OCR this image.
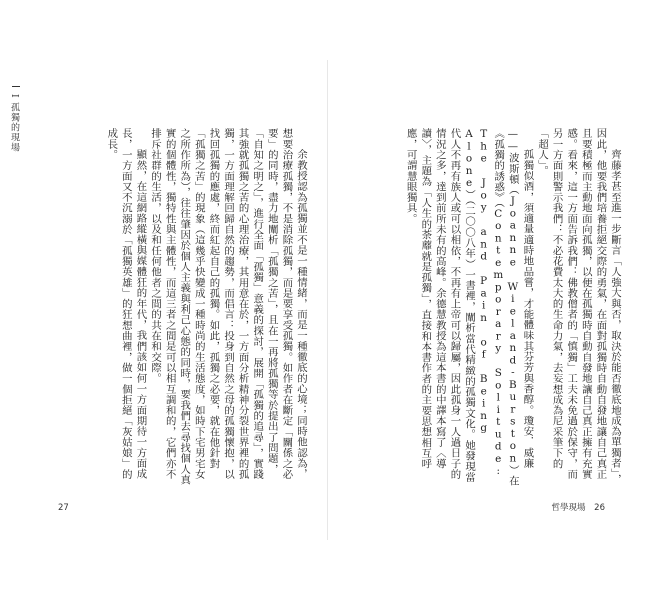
I 孤獨的現場

齊藤孝甚至進一步斷言「人強大與否，取決於能否徹底地成為單獨者」，因此，他要我們培養拒絕交際的勇氣，在面對孤獨時自動自發地讓自己真正且要積極而主動地面向孤獨，以便在孤獨時自動自發地讓自己真正擁有充實感。看來，這一方面告訴我們：佛教僧者的「慎獨」工夫未免過於保守，而另一方面則警示我們：不必花費太大的生命力氣，去妄想成為尼采筆下的「超人」。

孤獨似酒，須適量適時地品嘗，才能體味其芬芳與香醇。瓊安．威廉——波斯頓（Joanne Wieland-Burston）在《孤獨的誘惑》（Contemporary Solitude: The Joy and Pain of Being Alone）（二〇〇八年）一書裡，闡析當代精緻的孤獨文化。她發現當代人不再有族人或可以相依，不再有上帝可以歸屬，因此孤身一人過日子的情況之多，達到前所未有的高峰。余德慧教授為這本書的中譯本寫了〈導讀〉，主題為「人生的荼蘼就是孤獨」，直接和本書作者的主要思想相互呼應，可謂慧眼獨具。

余教授認為孤獨並不是一種情緒，而是一種徹底的心境；同時他認為，想要治療孤獨，不是消除孤獨，而是要享受孤獨。如作者在斷定「關係之必要」的同時，盡力地闡析「孤獨之苦」，且在一再將孤獨等於提出了問題，「自知之明之」，進行全面「孤獨」意義的探討，展開「孤獨的追尋」，實踐其強就孤獨之苦的心理治療，其用意在於，一方面分析精神分裂世界裡的孤獨，一方面理解回歸自然的趨勢，而倡言：投身到自然之母的孤獨懷抱，以找回孤獨的應處，終而紅起自己的孤獨。如此，孤獨之必要，就在他針對「孤獨之苦」的現象（這幾乎快變成一種時尚的生活態度，如時下宅男宅女之所作所為），往往肇因於個人主義與利己心態的同時，要我們去尋找個人真實的個體性，獨特性與主體性，而這三者之間是可以相互調和的，它們亦不排斥社群的生活，以及和任何他者之間的共在和交際。

顯然，在這網路縱橫與媒體狂的年代，我們該如何一方面期待一方面成長，一方面又不沉溺於「孤獨英雄」的狂想曲裡，做一個拒絕「灰姑娘」的成長。

27	哲學現場 26
